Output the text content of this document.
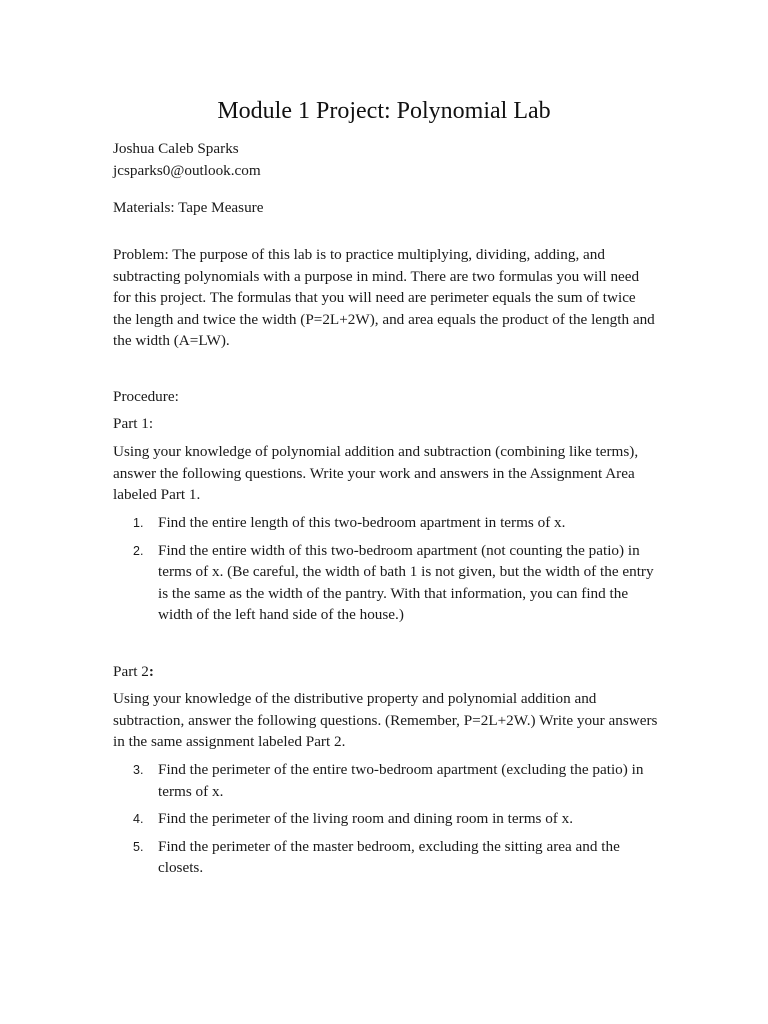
Module 1 Project: Polynomial Lab

Joshua Caleb Sparks

jcsparks0@outlook.com

Materials: Tape Measure

Problem: The purpose of this lab is to practice multiplying, dividing, adding, and subtracting polynomials with a purpose in mind. There are two formulas you will need for this project. The formulas that you will need are perimeter equals the sum of twice the length and twice the width (P=2L+2W), and area equals the product of the length and the width (A=LW).

Procedure:

Part 1:

Using your knowledge of polynomial addition and subtraction (combining like terms), answer the following questions. Write your work and answers in the Assignment Area labeled Part 1.

1. Find the entire length of this two-bedroom apartment in terms of x.
2. Find the entire width of this two-bedroom apartment (not counting the patio) in terms of x. (Be careful, the width of bath 1 is not given, but the width of the entry is the same as the width of the pantry. With that information, you can find the width of the left hand side of the house.)

Part 2:

Using your knowledge of the distributive property and polynomial addition and subtraction, answer the following questions. (Remember, P=2L+2W.) Write your answers in the same assignment labeled Part 2.

3. Find the perimeter of the entire two-bedroom apartment (excluding the patio) in terms of x.
4. Find the perimeter of the living room and dining room in terms of x.
5. Find the perimeter of the master bedroom, excluding the sitting area and the closets.
